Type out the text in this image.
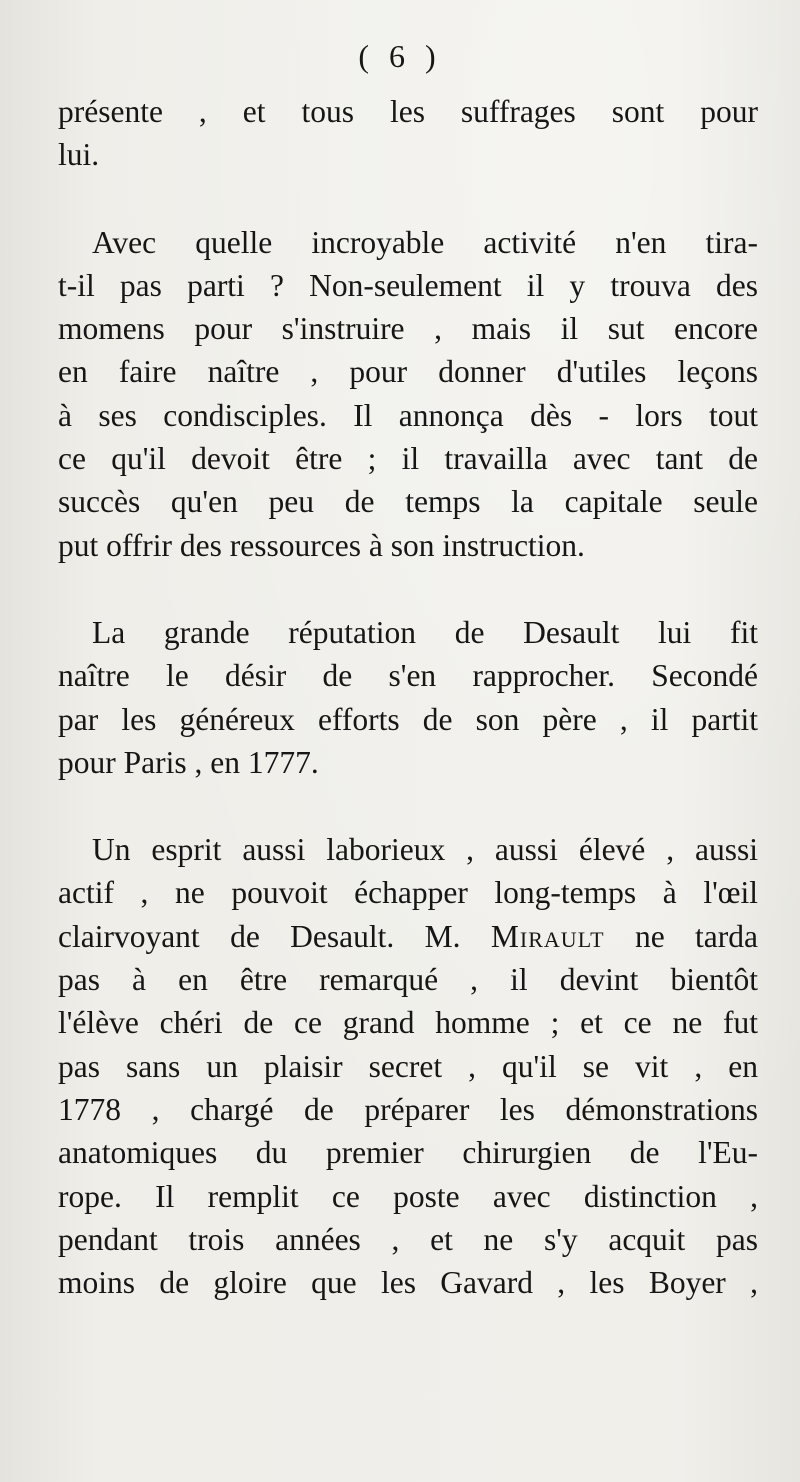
( 6 )
présente , et tous les suffrages sont pour
lui.
Avec quelle incroyable activité n'en tira-
t-il pas parti ? Non-seulement il y trouva des
momens pour s'instruire , mais il sut encore
en faire naître , pour donner d'utiles leçons
à ses condisciples. Il annonça dès - lors tout
ce qu'il devoit être ; il travailla avec tant de
succès qu'en peu de temps la capitale seule
put offrir des ressources à son instruction.
La grande réputation de Desault lui fit
naître le désir de s'en rapprocher. Secondé
par les généreux efforts de son père , il partit
pour Paris , en 1777.
Un esprit aussi laborieux , aussi élevé , aussi
actif , ne pouvoit échapper long-temps à l'œil
clairvoyant de Desault. M. Mirault ne tarda
pas à en être remarqué , il devint bientôt
l'élève chéri de ce grand homme ; et ce ne fut
pas sans un plaisir secret , qu'il se vit , en
1778 , chargé de préparer les démonstrations
anatomiques du premier chirurgien de l'Eu-
rope. Il remplit ce poste avec distinction ,
pendant trois années , et ne s'y acquit pas
moins de gloire que les Gavard , les Boyer ,
